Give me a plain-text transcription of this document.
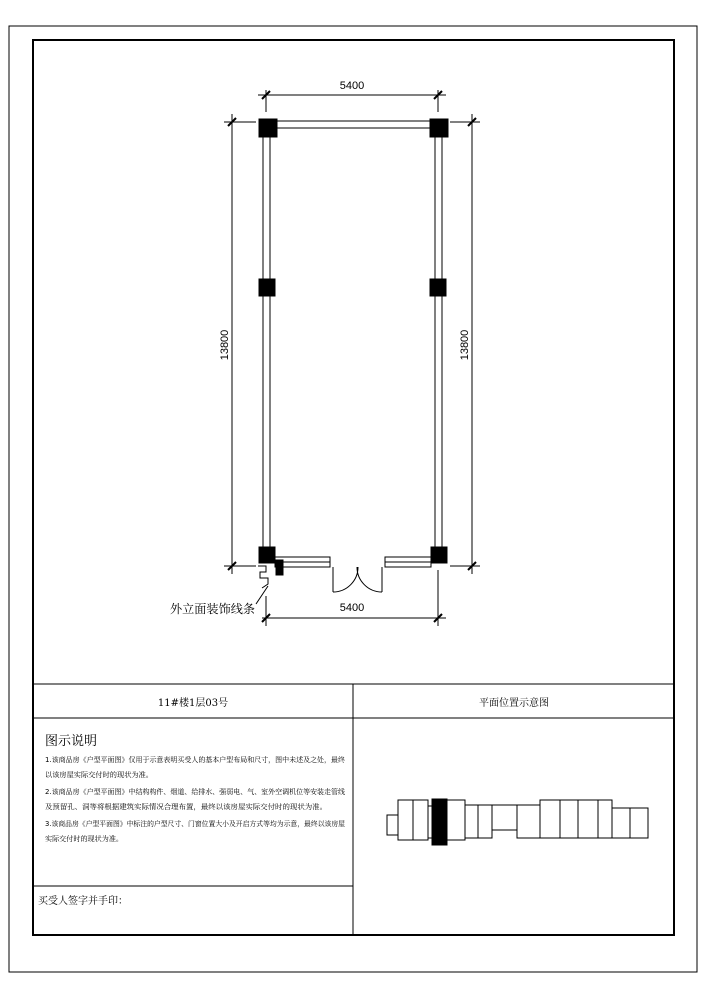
5400
13800	13800
5400
外立面装饰线条
11#楼1层03号	平面位置示意图
图示说明
1.该商品房《户型平面图》仅用于示意表明买受人的基本户型布局和尺寸，图中未述及之处，最终
以该房屋实际交付时的现状为准。
2.该商品房《户型平面图》中结构构件、烟道、给排水、强弱电、气、室外空调机位等安装走管线
及预留孔、洞等将根据建筑实际情况合理布置，最终以该房屋实际交付时的现状为准。
3.该商品房《户型平面图》中标注的户型尺寸、门窗位置大小及开启方式等均为示意，最终以该房屋
实际交付时的现状为准。
买受人签字并手印：
